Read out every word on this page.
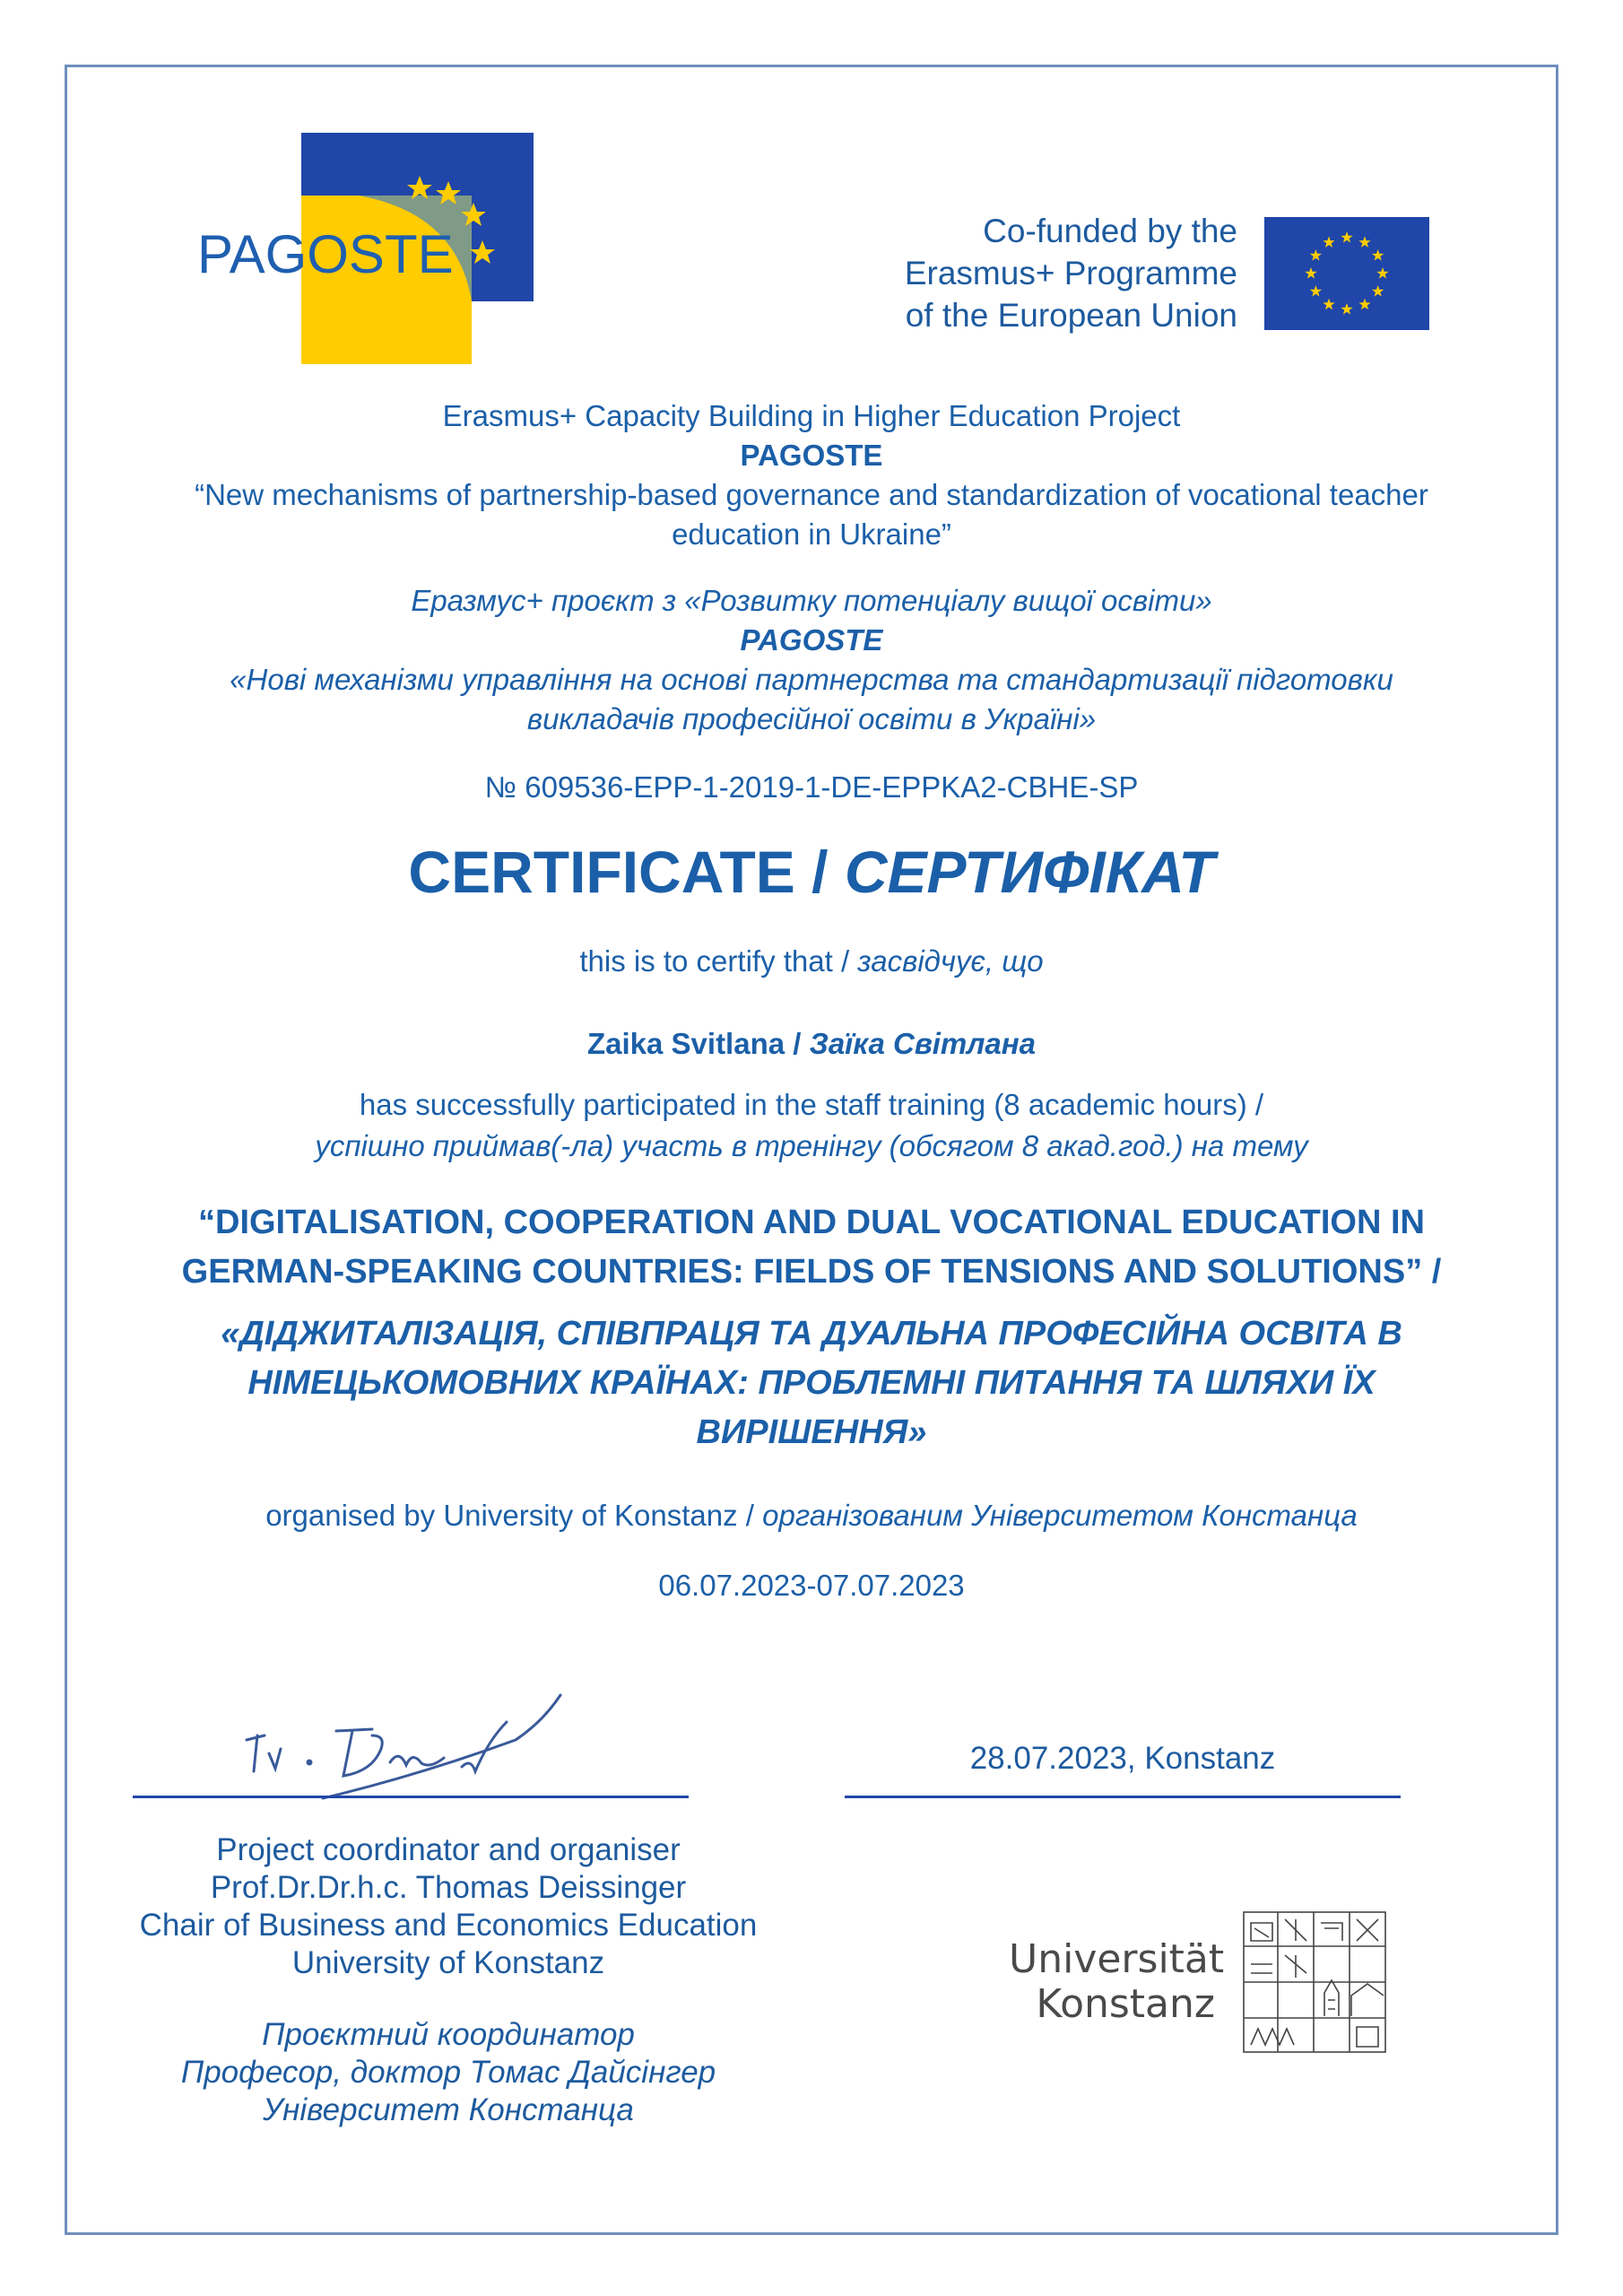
PAGOSTE	Co-funded by the
Erasmus+ Programme
of the European Union
Erasmus+ Capacity Building in Higher Education Project
PAGOSTE
“New mechanisms of partnership-based governance and standardization of vocational teacher
education in Ukraine”
Еразмус+ проєкт з «Розвитку потенціалу вищої освіти»
PAGOSTE
«Нові механізми управління на основі партнерства та стандартизації підготовки
викладачів професійної освіти в Україні»
№ 609536-EPP-1-2019-1-DE-EPPKA2-CBHE-SP
CERTIFICATE / СЕРТИФІКАТ
this is to certify that / засвідчує, що
Zaika Svitlana / Заїка Світлана
has successfully participated in the staff training (8 academic hours) /
успішно приймав(-ла) участь в тренінгу (обсягом 8 акад.год.) на тему
“DIGITALISATION, COOPERATION AND DUAL VOCATIONAL EDUCATION IN
GERMAN-SPEAKING COUNTRIES: FIELDS OF TENSIONS AND SOLUTIONS” /
«ДІДЖИТАЛІЗАЦІЯ, СПІВПРАЦЯ ТА ДУАЛЬНА ПРОФЕСІЙНА ОСВІТА В
НІМЕЦЬКОМОВНИХ КРАЇНАХ: ПРОБЛЕМНІ ПИТАННЯ ТА ШЛЯХИ ЇХ
ВИРІШЕННЯ»
organised by University of Konstanz / організованим Університетом Констанца
06.07.2023-07.07.2023
28.07.2023, Konstanz
Project coordinator and organiser
Prof.Dr.Dr.h.c. Thomas Deissinger
Chair of Business and Economics Education
University of Konstanz
Проєктний координатор
Професор, доктор Томас Дайсінгер
Університет Констанца
Universität
Konstanz
